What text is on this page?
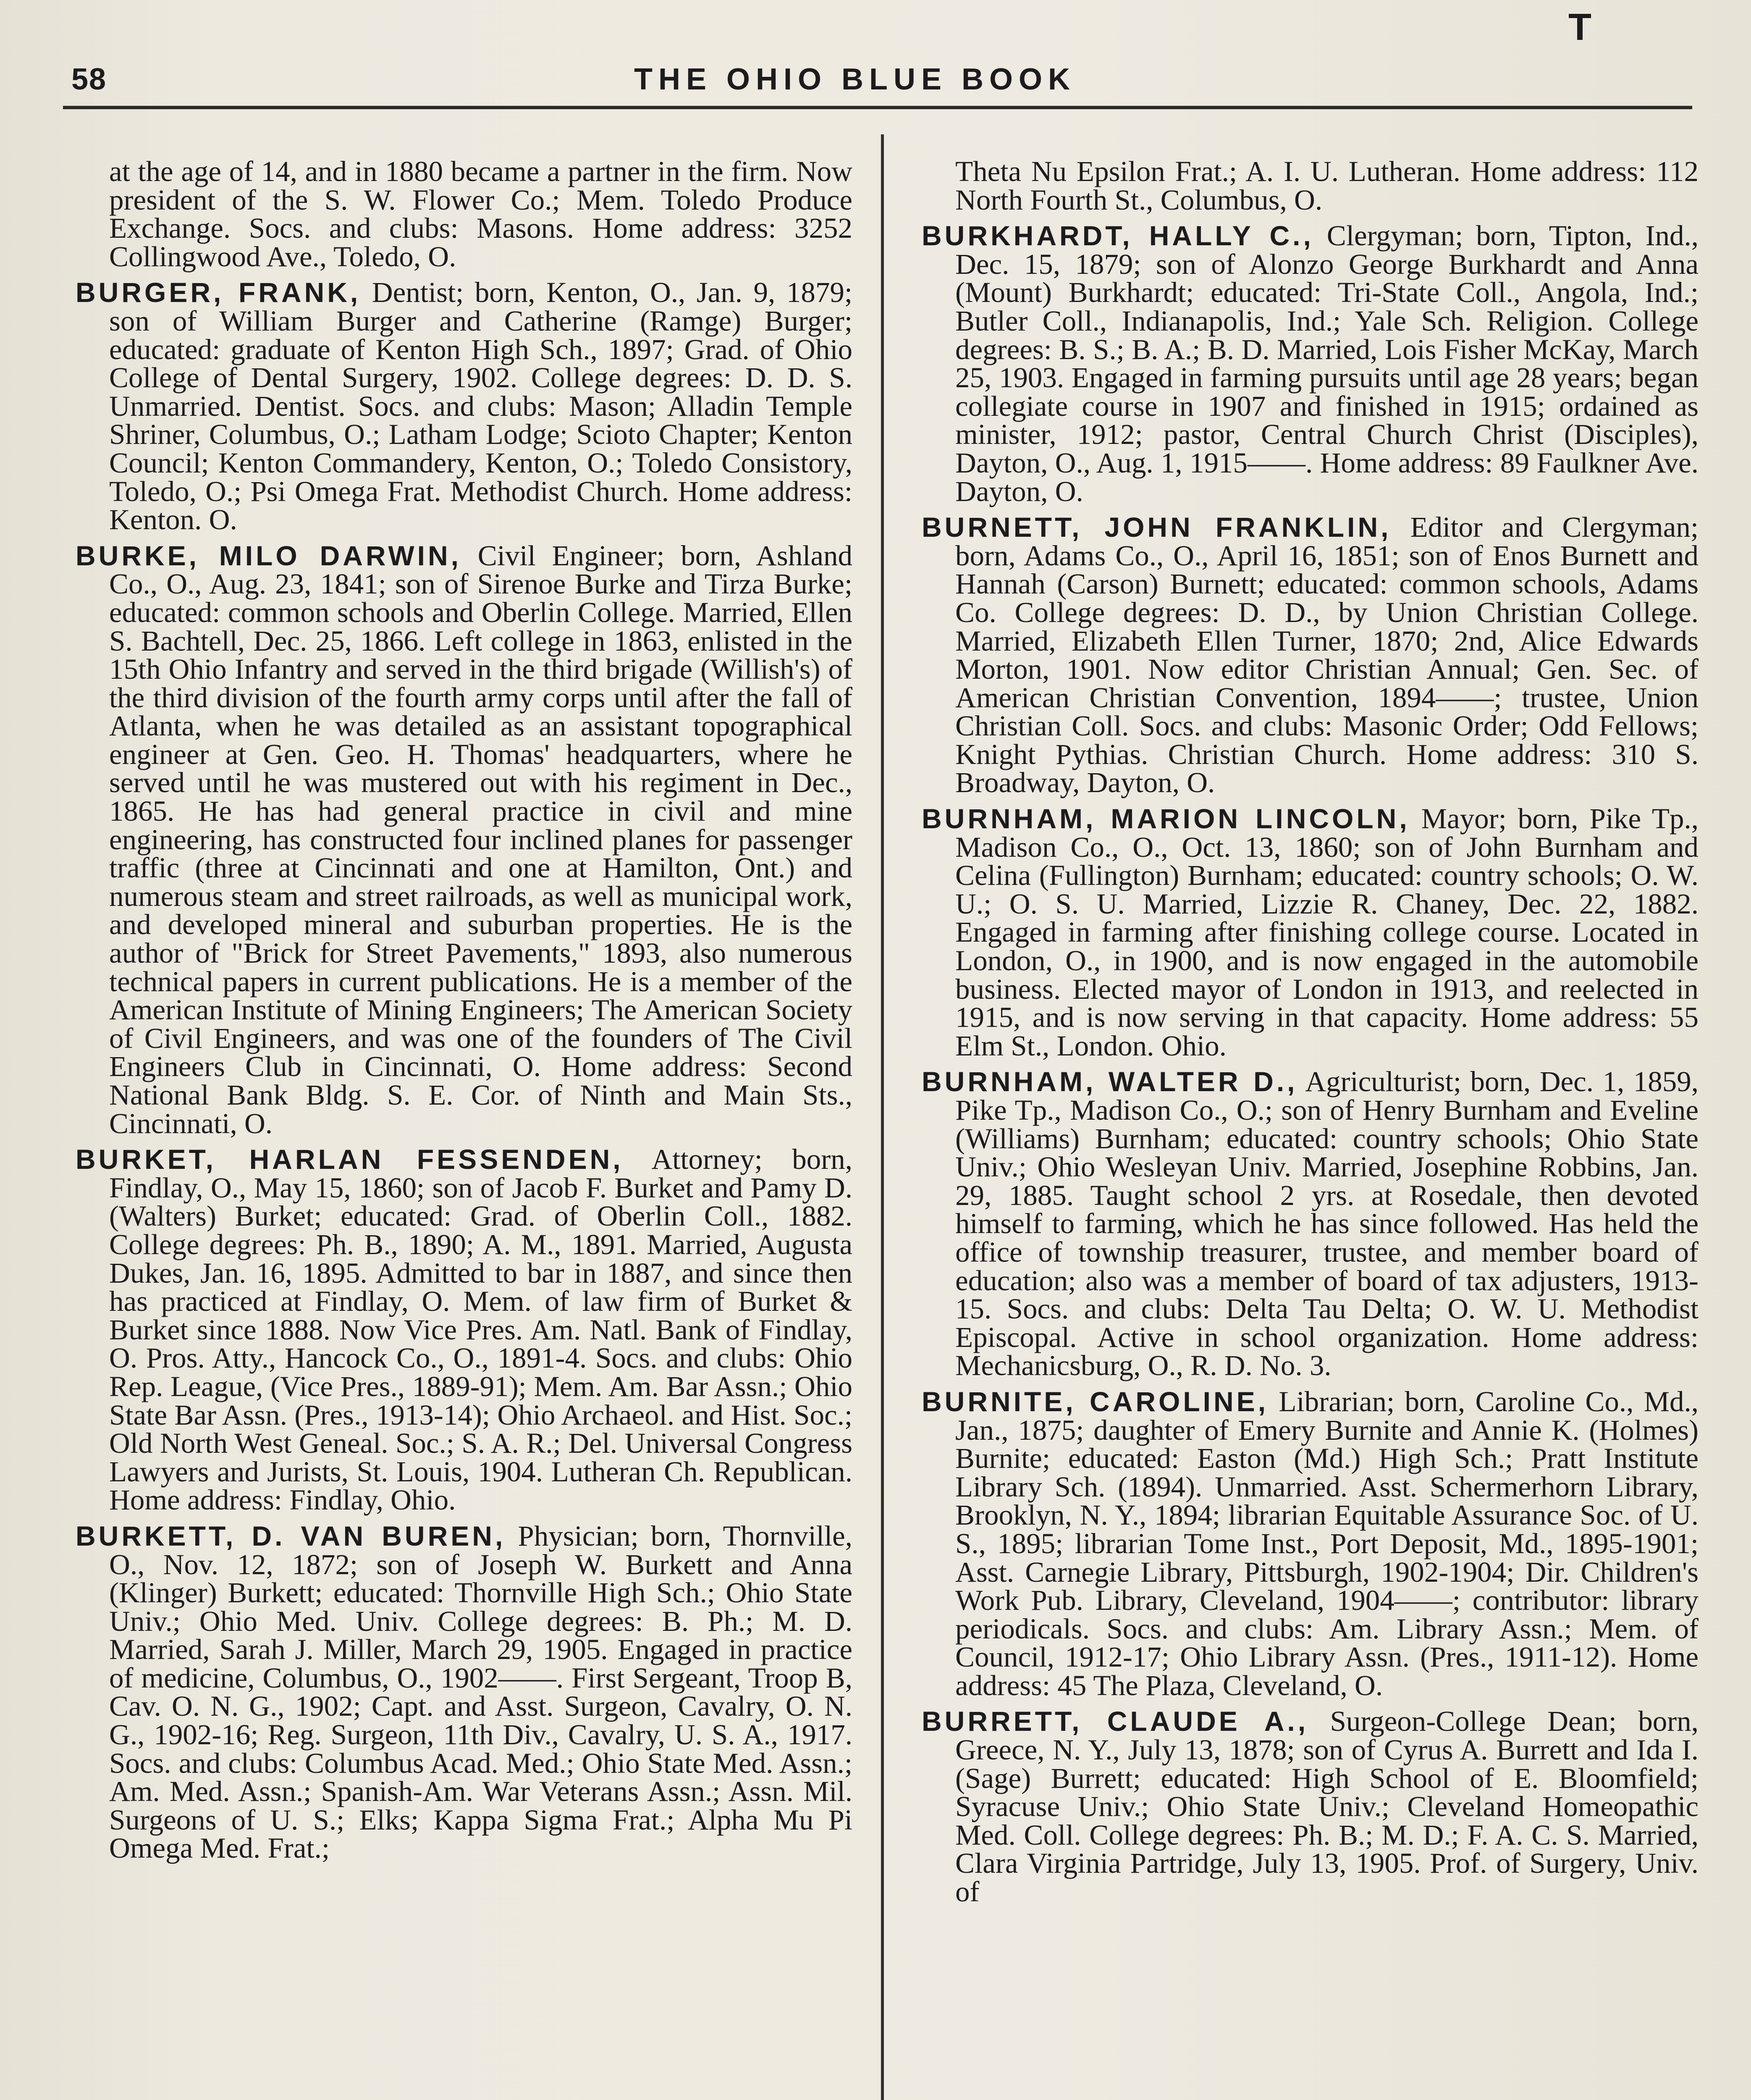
T
58	THE OHIO BLUE BOOK

at the age of 14, and in 1880 became a partner in the firm. Now president of the S. W. Flower Co.; Mem. Toledo Produce Exchange. Socs. and clubs: Masons. Home address: 3252 Collingwood Ave., Toledo, O.

BURGER, FRANK, Dentist; born, Kenton, O., Jan. 9, 1879; son of William Burger and Catherine (Ramge) Burger; educated: graduate of Kenton High Sch., 1897; Grad. of Ohio College of Dental Surgery, 1902. College degrees: D. D. S. Unmarried. Dentist. Socs. and clubs: Mason; Alladin Temple Shriner, Columbus, O.; Latham Lodge; Scioto Chapter; Kenton Council; Kenton Commandery, Kenton, O.; Toledo Consistory, Toledo, O.; Psi Omega Frat. Methodist Church. Home address: Kenton. O.

BURKE, MILO DARWIN, Civil Engineer; born, Ashland Co., O., Aug. 23, 1841; son of Sirenoe Burke and Tirza Burke; educated: common schools and Oberlin College. Married, Ellen S. Bachtell, Dec. 25, 1866. Left college in 1863, enlisted in the 15th Ohio Infantry and served in the third brigade (Willish's) of the third division of the fourth army corps until after the fall of Atlanta, when he was detailed as an assistant topographical engineer at Gen. Geo. H. Thomas' headquarters, where he served until he was mustered out with his regiment in Dec., 1865. He has had general practice in civil and mine engineering, has constructed four inclined planes for passenger traffic (three at Cincinnati and one at Hamilton, Ont.) and numerous steam and street railroads, as well as municipal work, and developed mineral and suburban properties. He is the author of "Brick for Street Pavements," 1893, also numerous technical papers in current publications. He is a member of the American Institute of Mining Engineers; The American Society of Civil Engineers, and was one of the founders of The Civil Engineers Club in Cincinnati, O. Home address: Second National Bank Bldg. S. E. Cor. of Ninth and Main Sts., Cincinnati, O.

BURKET, HARLAN FESSENDEN, Attorney; born, Findlay, O., May 15, 1860; son of Jacob F. Burket and Pamy D. (Walters) Burket; educated: Grad. of Oberlin Coll., 1882. College degrees: Ph. B., 1890; A. M., 1891. Married, Augusta Dukes, Jan. 16, 1895. Admitted to bar in 1887, and since then has practiced at Findlay, O. Mem. of law firm of Burket & Burket since 1888. Now Vice Pres. Am. Natl. Bank of Findlay, O. Pros. Atty., Hancock Co., O., 1891-4. Socs. and clubs: Ohio Rep. League, (Vice Pres., 1889-91); Mem. Am. Bar Assn.; Ohio State Bar Assn. (Pres., 1913-14); Ohio Archaeol. and Hist. Soc.; Old North West Geneal. Soc.; S. A. R.; Del. Universal Congress Lawyers and Jurists, St. Louis, 1904. Lutheran Ch. Republican. Home address: Findlay, Ohio.

BURKETT, D. VAN BUREN, Physician; born, Thornville, O., Nov. 12, 1872; son of Joseph W. Burkett and Anna (Klinger) Burkett; educated: Thornville High Sch.; Ohio State Univ.; Ohio Med. Univ. College degrees: B. Ph.; M. D. Married, Sarah J. Miller, March 29, 1905. Engaged in practice of medicine, Columbus, O., 1902——. First Sergeant, Troop B, Cav. O. N. G., 1902; Capt. and Asst. Surgeon, Cavalry, O. N. G., 1902-16; Reg. Surgeon, 11th Div., Cavalry, U. S. A., 1917. Socs. and clubs: Columbus Acad. Med.; Ohio State Med. Assn.; Am. Med. Assn.; Spanish-Am. War Veterans Assn.; Assn. Mil. Surgeons of U. S.; Elks; Kappa Sigma Frat.; Alpha Mu Pi Omega Med. Frat.;

Theta Nu Epsilon Frat.; A. I. U. Lutheran. Home address: 112 North Fourth St., Columbus, O.

BURKHARDT, HALLY C., Clergyman; born, Tipton, Ind., Dec. 15, 1879; son of Alonzo George Burkhardt and Anna (Mount) Burkhardt; educated: Tri-State Coll., Angola, Ind.; Butler Coll., Indianapolis, Ind.; Yale Sch. Religion. College degrees: B. S.; B. A.; B. D. Married, Lois Fisher McKay, March 25, 1903. Engaged in farming pursuits until age 28 years; began collegiate course in 1907 and finished in 1915; ordained as minister, 1912; pastor, Central Church Christ (Disciples), Dayton, O., Aug. 1, 1915——. Home address: 89 Faulkner Ave. Dayton, O.

BURNETT, JOHN FRANKLIN, Editor and Clergyman; born, Adams Co., O., April 16, 1851; son of Enos Burnett and Hannah (Carson) Burnett; educated: common schools, Adams Co. College degrees: D. D., by Union Christian College. Married, Elizabeth Ellen Turner, 1870; 2nd, Alice Edwards Morton, 1901. Now editor Christian Annual; Gen. Sec. of American Christian Convention, 1894——; trustee, Union Christian Coll. Socs. and clubs: Masonic Order; Odd Fellows; Knight Pythias. Christian Church. Home address: 310 S. Broadway, Dayton, O.

BURNHAM, MARION LINCOLN, Mayor; born, Pike Tp., Madison Co., O., Oct. 13, 1860; son of John Burnham and Celina (Fullington) Burnham; educated: country schools; O. W. U.; O. S. U. Married, Lizzie R. Chaney, Dec. 22, 1882. Engaged in farming after finishing college course. Located in London, O., in 1900, and is now engaged in the automobile business. Elected mayor of London in 1913, and reelected in 1915, and is now serving in that capacity. Home address: 55 Elm St., London. Ohio.

BURNHAM, WALTER D., Agriculturist; born, Dec. 1, 1859, Pike Tp., Madison Co., O.; son of Henry Burnham and Eveline (Williams) Burnham; educated: country schools; Ohio State Univ.; Ohio Wesleyan Univ. Married, Josephine Robbins, Jan. 29, 1885. Taught school 2 yrs. at Rosedale, then devoted himself to farming, which he has since followed. Has held the office of township treasurer, trustee, and member board of education; also was a member of board of tax adjusters, 1913-15. Socs. and clubs: Delta Tau Delta; O. W. U. Methodist Episcopal. Active in school organization. Home address: Mechanicsburg, O., R. D. No. 3.

BURNITE, CAROLINE, Librarian; born, Caroline Co., Md., Jan., 1875; daughter of Emery Burnite and Annie K. (Holmes) Burnite; educated: Easton (Md.) High Sch.; Pratt Institute Library Sch. (1894). Unmarried. Asst. Schermerhorn Library, Brooklyn, N. Y., 1894; librarian Equitable Assurance Soc. of U. S., 1895; librarian Tome Inst., Port Deposit, Md., 1895-1901; Asst. Carnegie Library, Pittsburgh, 1902-1904; Dir. Children's Work Pub. Library, Cleveland, 1904——; contributor: library periodicals. Socs. and clubs: Am. Library Assn.; Mem. of Council, 1912-17; Ohio Library Assn. (Pres., 1911-12). Home address: 45 The Plaza, Cleveland, O.

BURRETT, CLAUDE A., Surgeon-College Dean; born, Greece, N. Y., July 13, 1878; son of Cyrus A. Burrett and Ida I. (Sage) Burrett; educated: High School of E. Bloomfield; Syracuse Univ.; Ohio State Univ.; Cleveland Homeopathic Med. Coll. College degrees: Ph. B.; M. D.; F. A. C. S. Married, Clara Virginia Partridge, July 13, 1905. Prof. of Surgery, Univ. of
